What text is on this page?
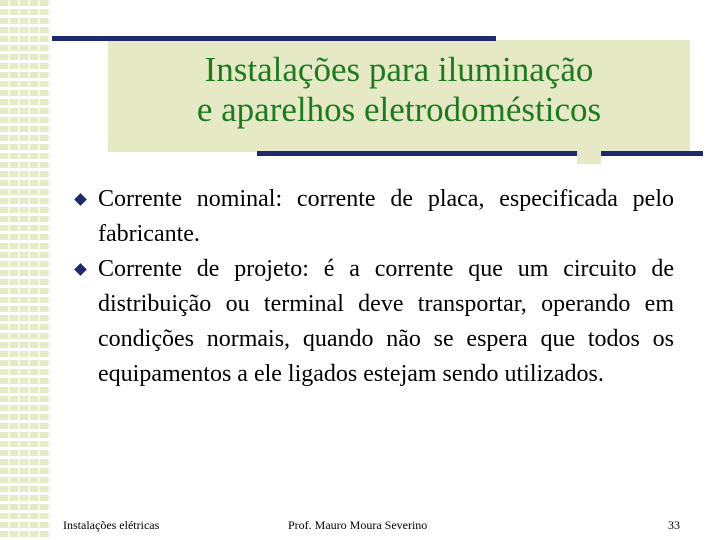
Instalações para iluminação
e aparelhos eletrodomésticos

Corrente nominal: corrente de placa, especificada pelo fabricante.

Corrente de projeto: é a corrente que um circuito de distribuição ou terminal deve transportar, operando em condições normais, quando não se espera que todos os equipamentos a ele ligados estejam sendo utilizados.

Instalações elétricas	Prof. Mauro Moura Severino	33
